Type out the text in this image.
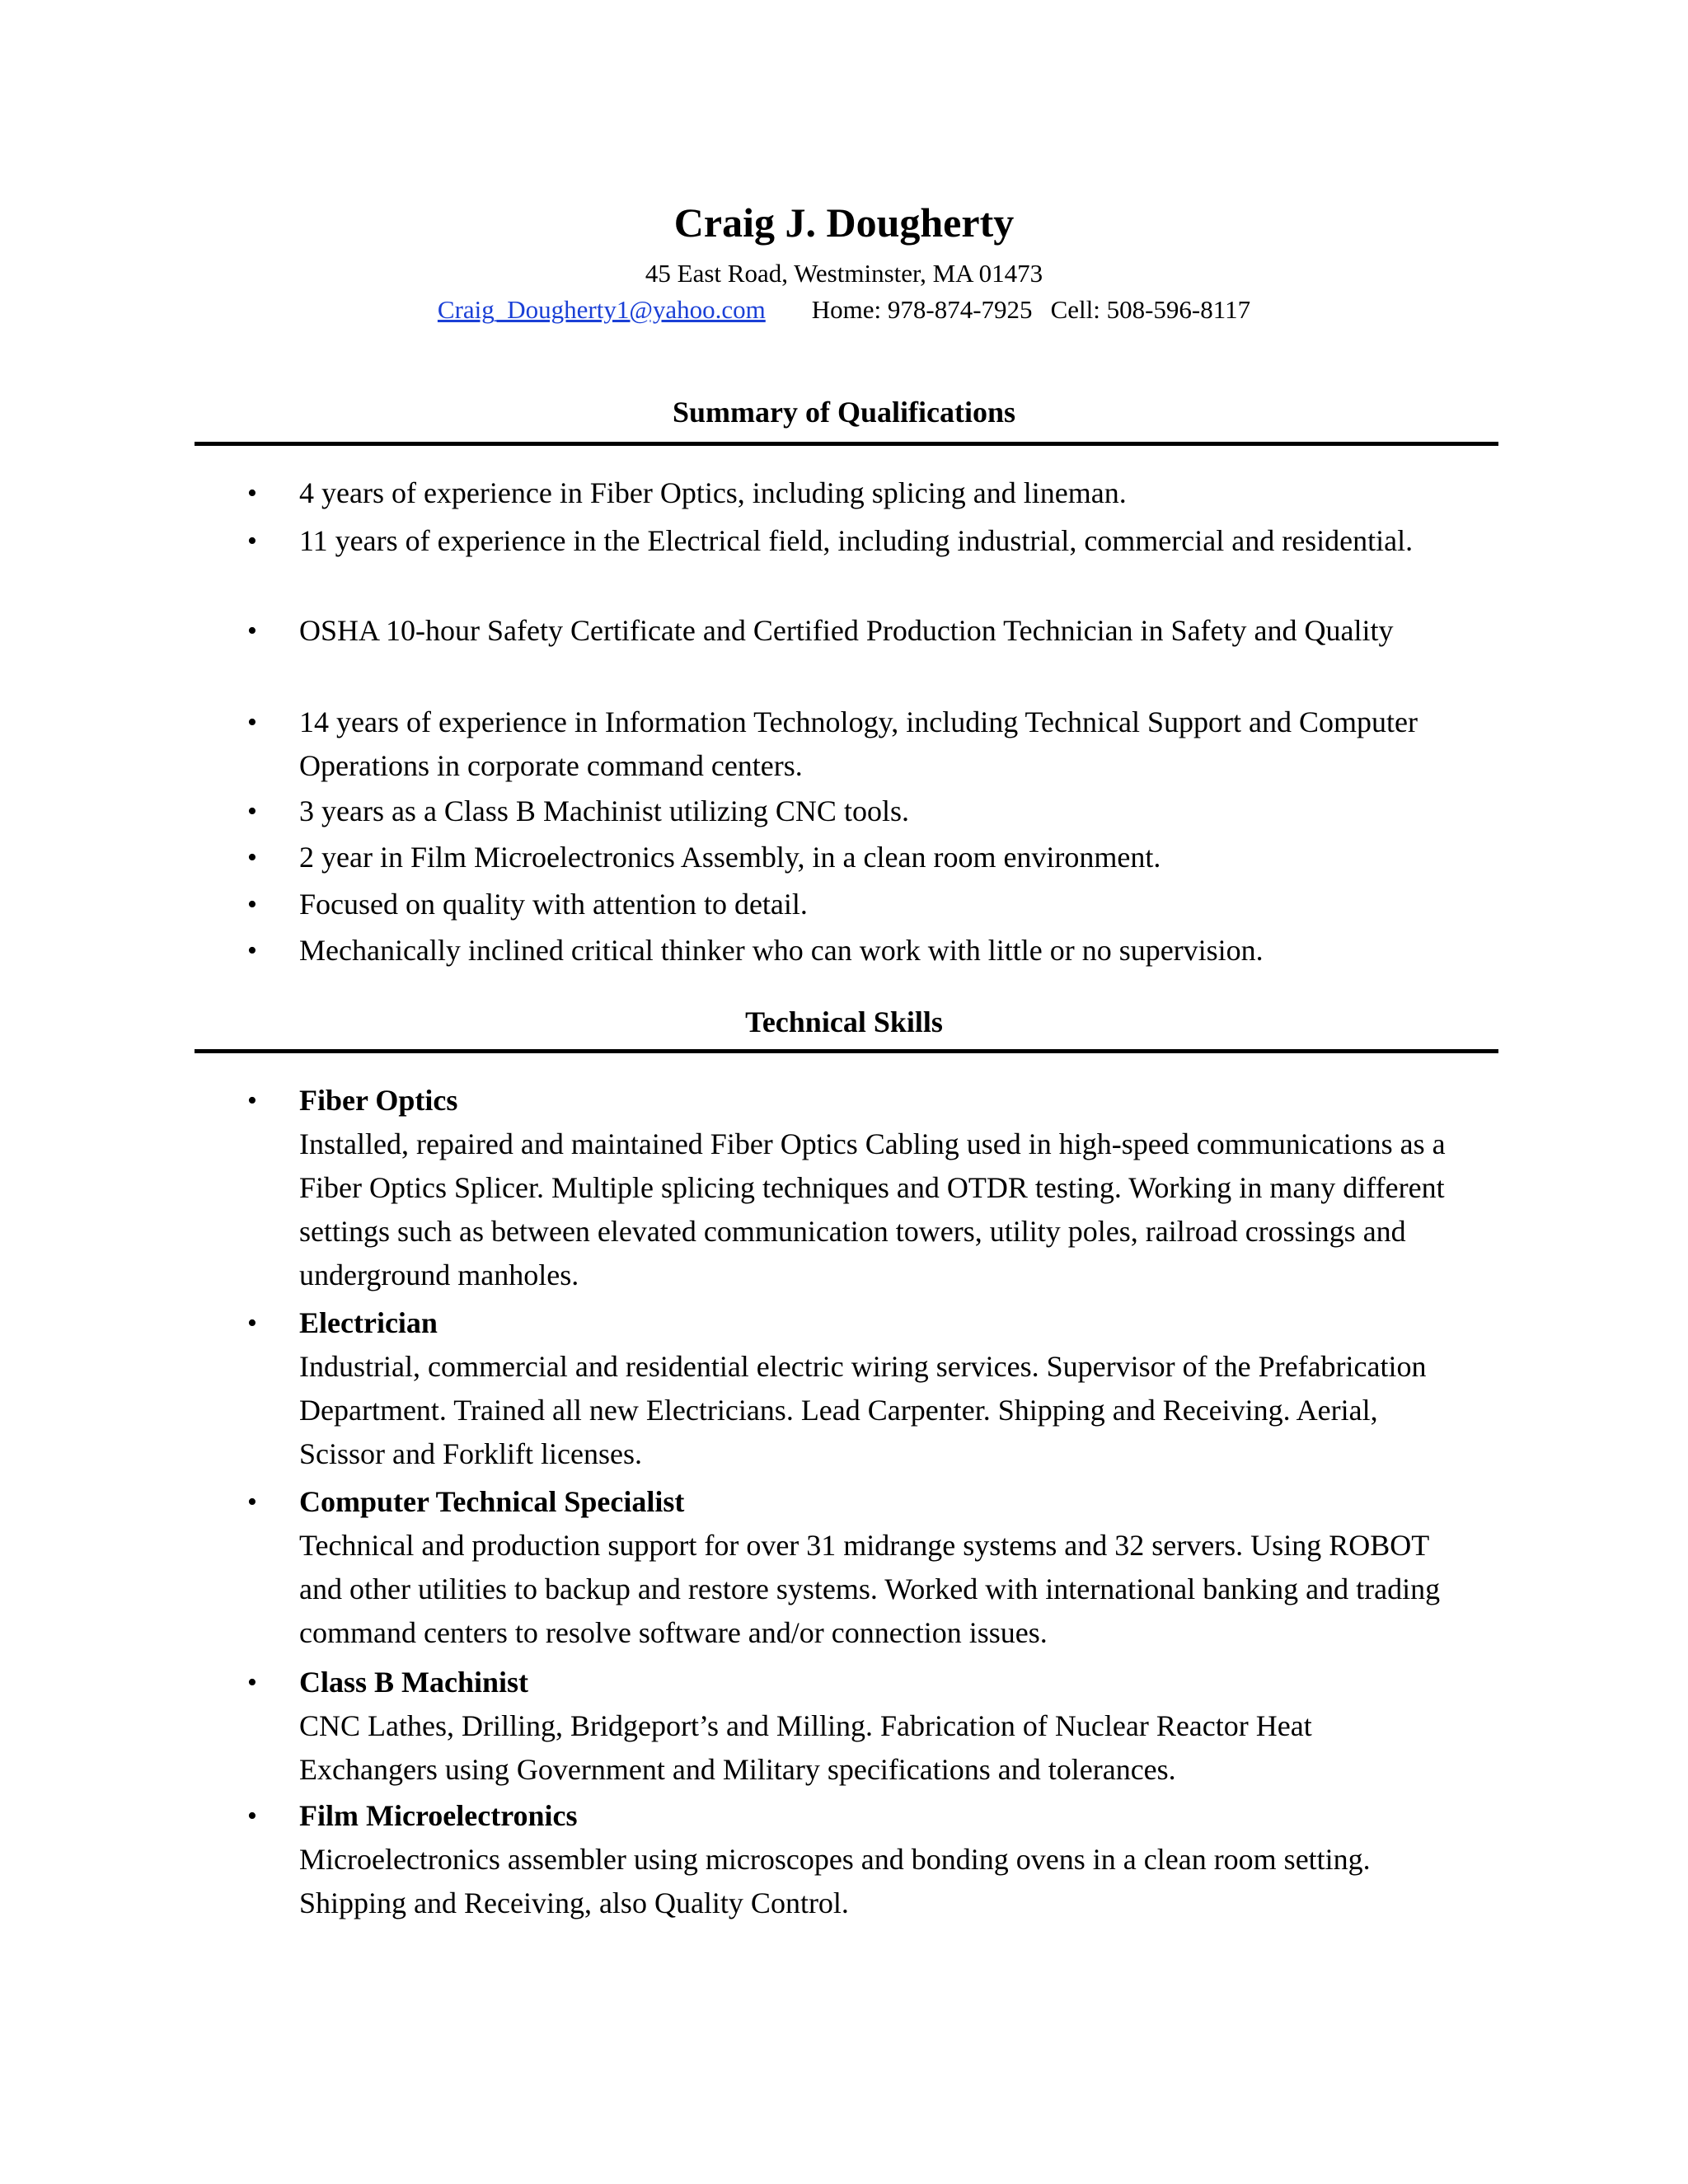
Craig J. Dougherty
45 East Road, Westminster, MA 01473
Craig_Dougherty1@yahoo.com Home: 978-874-7925 Cell: 508-596-8117
Summary of Qualifications
• 4 years of experience in Fiber Optics, including splicing and lineman.
• 11 years of experience in the Electrical field, including industrial, commercial and residential.
• OSHA 10-hour Safety Certificate and Certified Production Technician in Safety and Quality
• 14 years of experience in Information Technology, including Technical Support and Computer Operations in corporate command centers.
• 3 years as a Class B Machinist utilizing CNC tools.
• 2 year in Film Microelectronics Assembly, in a clean room environment.
• Focused on quality with attention to detail.
• Mechanically inclined critical thinker who can work with little or no supervision.
Technical Skills
• Fiber Optics
Installed, repaired and maintained Fiber Optics Cabling used in high-speed communications as a Fiber Optics Splicer. Multiple splicing techniques and OTDR testing. Working in many different settings such as between elevated communication towers, utility poles, railroad crossings and underground manholes.
• Electrician
Industrial, commercial and residential electric wiring services. Supervisor of the Prefabrication Department. Trained all new Electricians. Lead Carpenter. Shipping and Receiving. Aerial, Scissor and Forklift licenses.
• Computer Technical Specialist
Technical and production support for over 31 midrange systems and 32 servers. Using ROBOT and other utilities to backup and restore systems. Worked with international banking and trading command centers to resolve software and/or connection issues.
• Class B Machinist
CNC Lathes, Drilling, Bridgeport’s and Milling. Fabrication of Nuclear Reactor Heat Exchangers using Government and Military specifications and tolerances.
• Film Microelectronics
Microelectronics assembler using microscopes and bonding ovens in a clean room setting. Shipping and Receiving, also Quality Control.
